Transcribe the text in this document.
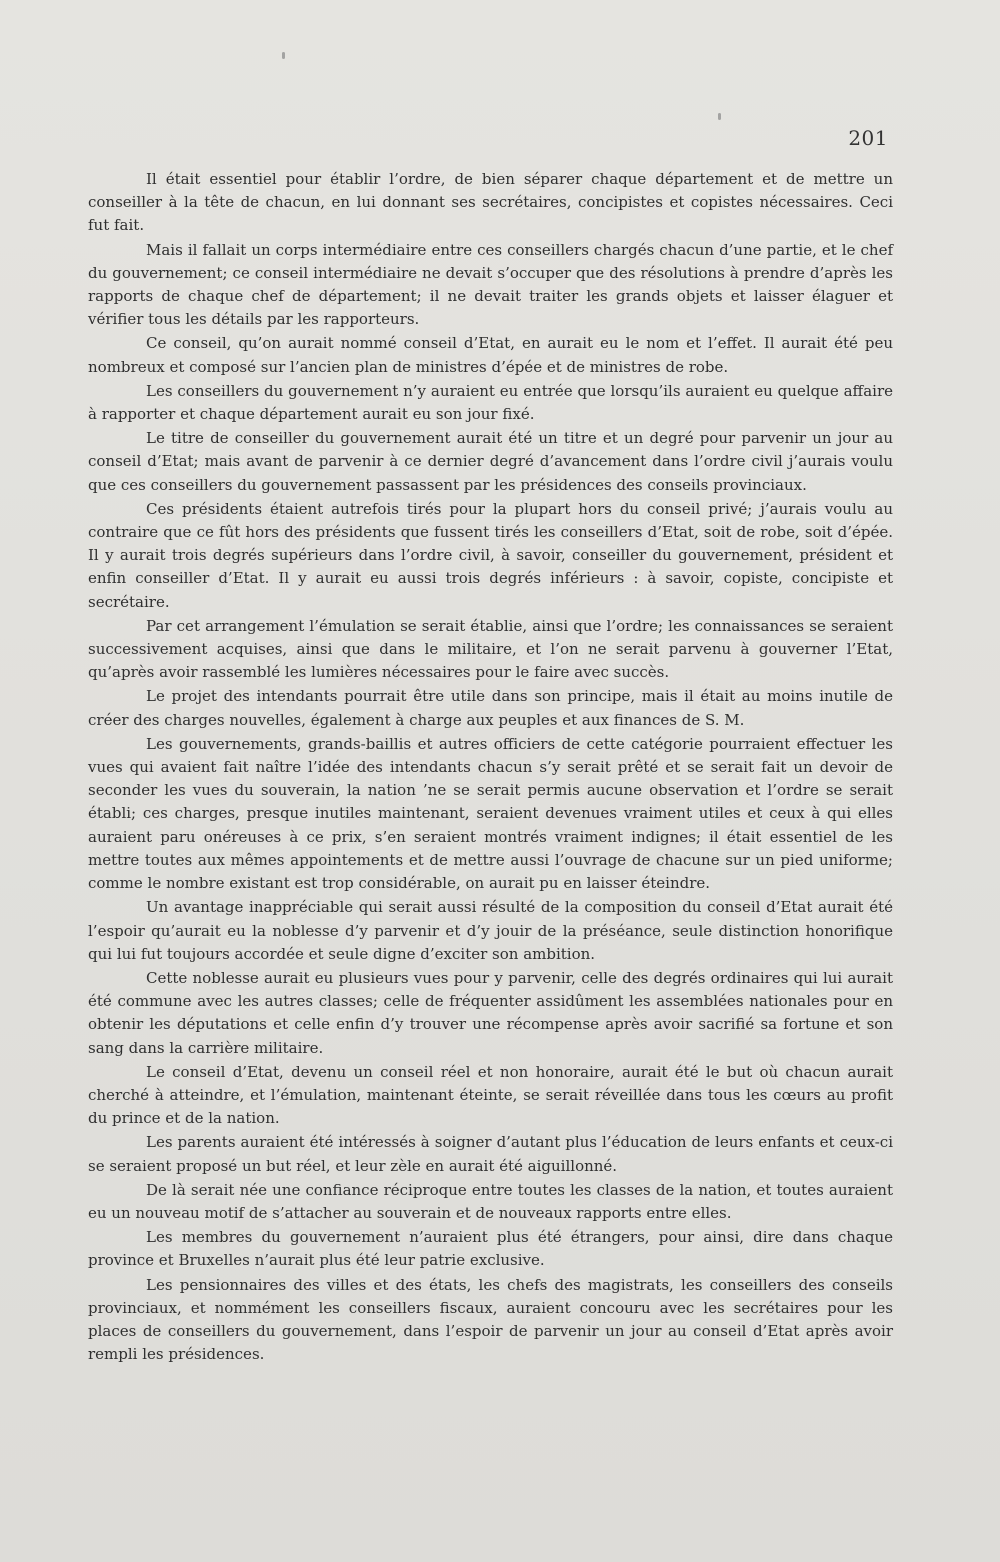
201

Il était essentiel pour établir l’ordre, de bien séparer chaque département et de mettre un conseiller à la tête de chacun, en lui donnant ses secrétaires, concipistes et copistes nécessaires. Ceci fut fait.

Mais il fallait un corps intermédiaire entre ces conseillers chargés chacun d’une partie, et le chef du gouvernement; ce conseil intermédiaire ne devait s’occuper que des résolutions à prendre d’après les rapports de chaque chef de département; il ne devait traiter les grands objets et laisser élaguer et vérifier tous les détails par les rapporteurs.

Ce conseil, qu’on aurait nommé conseil d’Etat, en aurait eu le nom et l’effet. Il aurait été peu nombreux et composé sur l’ancien plan de ministres d’épée et de ministres de robe.

Les conseillers du gouvernement n’y auraient eu entrée que lorsqu’ils auraient eu quelque affaire à rapporter et chaque département aurait eu son jour fixé.

Le titre de conseiller du gouvernement aurait été un titre et un degré pour parvenir un jour au conseil d’Etat; mais avant de parvenir à ce dernier degré d’avancement dans l’ordre civil j’aurais voulu que ces conseillers du gouvernement passassent par les présidences des conseils provinciaux.

Ces présidents étaient autrefois tirés pour la plupart hors du conseil privé; j’aurais voulu au contraire que ce fût hors des présidents que fussent tirés les conseillers d’Etat, soit de robe, soit d’épée. Il y aurait trois degrés supérieurs dans l’ordre civil, à savoir, conseiller du gouvernement, président et enfin conseiller d’Etat. Il y aurait eu aussi trois degrés inférieurs : à savoir, copiste, concipiste et secrétaire.

Par cet arrangement l’émulation se serait établie, ainsi que l’ordre; les connaissances se seraient successivement acquises, ainsi que dans le militaire, et l’on ne serait parvenu à gouverner l’Etat, qu’après avoir rassemblé les lumières nécessaires pour le faire avec succès.

Le projet des intendants pourrait être utile dans son principe, mais il était au moins inutile de créer des charges nouvelles, également à charge aux peuples et aux finances de S. M.

Les gouvernements, grands-baillis et autres officiers de cette catégorie pourraient effectuer les vues qui avaient fait naître l’idée des intendants chacun s’y serait prêté et se serait fait un devoir de seconder les vues du souverain, la nation ’ne se serait permis aucune observation et l’ordre se serait établi; ces charges, presque inutiles maintenant, seraient devenues vraiment utiles et ceux à qui elles auraient paru onéreuses à ce prix, s’en seraient montrés vraiment indignes; il était essentiel de les mettre toutes aux mêmes appointements et de mettre aussi l’ouvrage de chacune sur un pied uniforme; comme le nombre existant est trop considérable, on aurait pu en laisser éteindre.

Un avantage inappréciable qui serait aussi résulté de la composition du conseil d’Etat aurait été l’espoir qu’aurait eu la noblesse d’y parvenir et d’y jouir de la préséance, seule distinction honorifique qui lui fut toujours accordée et seule digne d’exciter son ambition.

Cette noblesse aurait eu plusieurs vues pour y parvenir, celle des degrés ordinaires qui lui aurait été commune avec les autres classes; celle de fréquenter assidûment les assemblées nationales pour en obtenir les députations et celle enfin d’y trouver une récompense après avoir sacrifié sa fortune et son sang dans la carrière militaire.

Le conseil d’Etat, devenu un conseil réel et non honoraire, aurait été le but où chacun aurait cherché à atteindre, et l’émulation, maintenant éteinte, se serait réveillée dans tous les cœurs au profit du prince et de la nation.

Les parents auraient été intéressés à soigner d’autant plus l’éducation de leurs enfants et ceux-ci se seraient proposé un but réel, et leur zèle en aurait été aiguillonné.

De là serait née une confiance réciproque entre toutes les classes de la nation, et toutes auraient eu un nouveau motif de s’attacher au souverain et de nouveaux rapports entre elles.

Les membres du gouvernement n’auraient plus été étrangers, pour ainsi, dire dans chaque province et Bruxelles n’aurait plus été leur patrie exclusive.

Les pensionnaires des villes et des états, les chefs des magistrats, les conseillers des conseils provinciaux, et nommément les conseillers fiscaux, auraient concouru avec les secrétaires pour les places de conseillers du gouvernement, dans l’espoir de parvenir un jour au conseil d’Etat après avoir rempli les présidences.
